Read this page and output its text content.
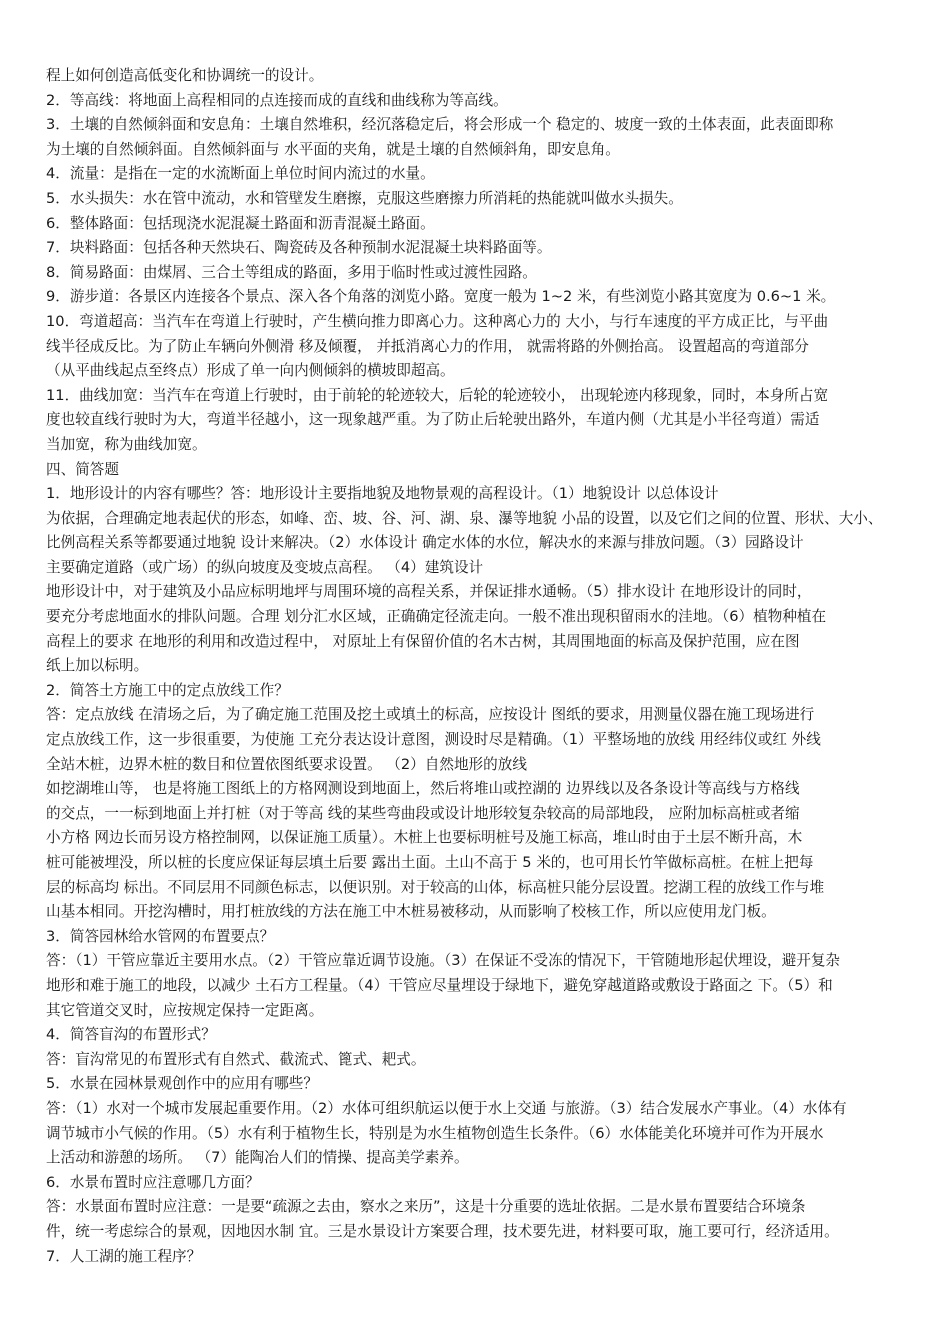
程上如何创造高低变化和协调统一的设计。
2．等高线：将地面上高程相同的点连接而成的直线和曲线称为等高线。
3．土壤的自然倾斜面和安息角：土壤自然堆积，经沉落稳定后，将会形成一个 稳定的、坡度一致的土体表面，此表面即称
为土壤的自然倾斜面。自然倾斜面与 水平面的夹角，就是土壤的自然倾斜角，即安息角。
4．流量：是指在一定的水流断面上单位时间内流过的水量。
5．水头损失：水在管中流动，水和管壁发生磨擦，克服这些磨擦力所消耗的热能就叫做水头损失。
6．整体路面：包括现浇水泥混凝土路面和沥青混凝土路面。
7．块料路面：包括各种天然块石、陶瓷砖及各种预制水泥混凝土块料路面等。
8．简易路面：由煤屑、三合土等组成的路面，多用于临时性或过渡性园路。
9．游步道：各景区内连接各个景点、深入各个角落的浏览小路。宽度一般为 1~2 米，有些浏览小路其宽度为 0.6~1 米。
10．弯道超高：当汽车在弯道上行驶时，产生横向推力即离心力。这种离心力的 大小，与行车速度的平方成正比，与平曲
线半径成反比。为了防止车辆向外侧滑 移及倾覆， 并抵消离心力的作用， 就需将路的外侧抬高。 设置超高的弯道部分
（从平曲线起点至终点）形成了单一向内侧倾斜的横坡即超高。
11．曲线加宽：当汽车在弯道上行驶时，由于前轮的轮迹较大，后轮的轮迹较小， 出现轮迹内移现象，同时，本身所占宽
度也较直线行驶时为大，弯道半径越小，这一现象越严重。为了防止后轮驶出路外，车道内侧（尤其是小半径弯道）需适
当加宽，称为曲线加宽。
四、简答题
1．地形设计的内容有哪些？答：地形设计主要指地貌及地物景观的高程设计。（1）地貌设计 以总体设计
为依据，合理确定地表起伏的形态，如峰、峦、坡、谷、河、湖、泉、瀑等地貌 小品的设置，以及它们之间的位置、形状、大小、
比例高程关系等都要通过地貌 设计来解决。（2）水体设计 确定水体的水位，解决水的来源与排放问题。（3）园路设计
主要确定道路（或广场）的纵向坡度及变坡点高程。 （4）建筑设计
地形设计中，对于建筑及小品应标明地坪与周围环境的高程关系，并保证排水通畅。（5）排水设计 在地形设计的同时，
要充分考虑地面水的排队问题。合理 划分汇水区域，正确确定径流走向。一般不准出现积留雨水的洼地。（6）植物种植在
高程上的要求 在地形的利用和改造过程中， 对原址上有保留价值的名木古树，其周围地面的标高及保护范围，应在图
纸上加以标明。
2．简答土方施工中的定点放线工作？
答：定点放线 在清场之后，为了确定施工范围及挖土或填土的标高，应按设计 图纸的要求，用测量仪器在施工现场进行
定点放线工作，这一步很重要，为使施 工充分表达设计意图，测设时尽是精确。（1）平整场地的放线 用经纬仪或红 外线
全站木桩，边界木桩的数目和位置依图纸要求设置。 （2）自然地形的放线
如挖湖堆山等， 也是将施工图纸上的方格网测设到地面上，然后将堆山或控湖的 边界线以及各条设计等高线与方格线
的交点，一一标到地面上并打桩（对于等高 线的某些弯曲段或设计地形较复杂较高的局部地段， 应附加标高桩或者缩
小方格 网边长而另设方格控制网，以保证施工质量）。木桩上也要标明桩号及施工标高，堆山时由于土层不断升高，木
桩可能被埋没，所以桩的长度应保证每层填土后要 露出土面。土山不高于 5 米的，也可用长竹竿做标高桩。在桩上把每
层的标高均 标出。不同层用不同颜色标志，以便识别。对于较高的山体，标高桩只能分层设置。挖湖工程的放线工作与堆
山基本相同。开挖沟槽时，用打桩放线的方法在施工中木桩易被移动，从而影响了校核工作，所以应使用龙门板。
3．简答园林给水管网的布置要点？
答：（1）干管应靠近主要用水点。（2）干管应靠近调节设施。（3）在保证不受冻的情况下，干管随地形起伏埋设，避开复杂
地形和难于施工的地段，以减少 土石方工程量。（4）干管应尽量埋设于绿地下，避免穿越道路或敷设于路面之 下。（5）和
其它管道交叉时，应按规定保持一定距离。
4．简答盲沟的布置形式？
答：盲沟常见的布置形式有自然式、截流式、篦式、耙式。
5．水景在园林景观创作中的应用有哪些？
答：（1）水对一个城市发展起重要作用。（2）水体可组织航运以便于水上交通 与旅游。（3）结合发展水产事业。（4）水体有
调节城市小气候的作用。（5）水有利于植物生长，特别是为水生植物创造生长条件。（6）水体能美化环境并可作为开展水
上活动和游憩的场所。 （7）能陶冶人们的情操、提高美学素养。
6．水景布置时应注意哪几方面？
答：水景面布置时应注意：一是要“疏源之去由，察水之来历”，这是十分重要的选址依据。二是水景布置要结合环境条
件，统一考虑综合的景观，因地因水制 宜。三是水景设计方案要合理，技术要先进，材料要可取，施工要可行，经济适用。
7．人工湖的施工程序？
